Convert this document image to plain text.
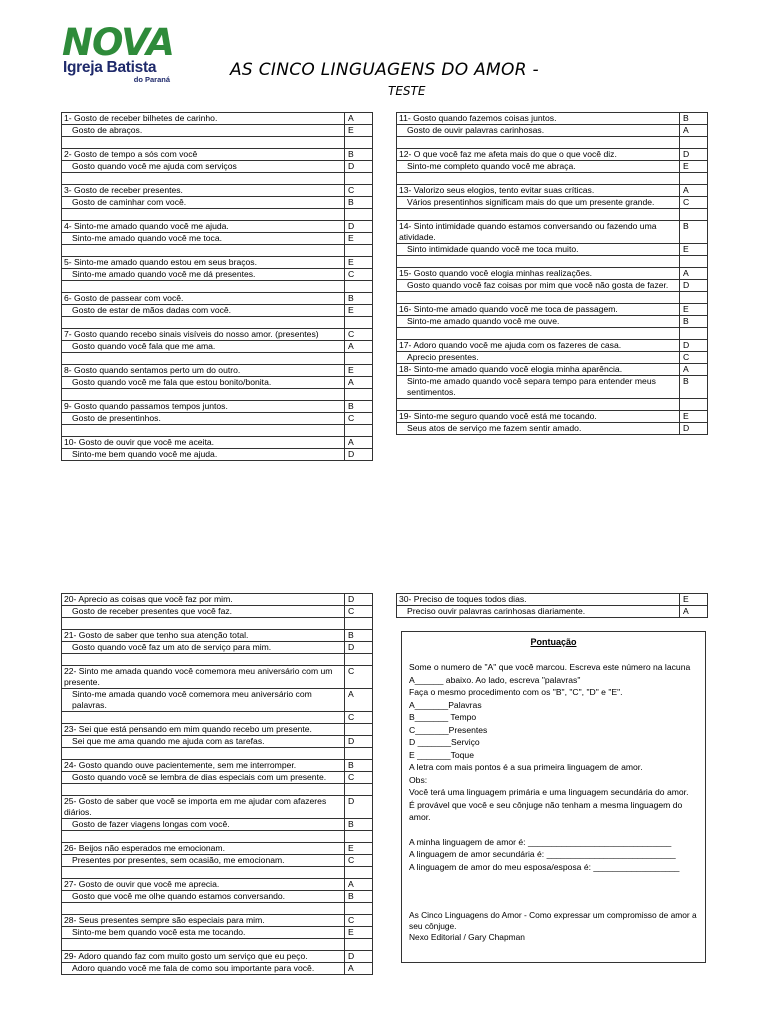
NOVA
Igreja Batista
do Paraná	AS CINCO LINGUAGENS DO AMOR -
TESTE
1- Gosto de receber bilhetes de carinho.	A
Gosto de abraços.	E

2- Gosto de tempo a sós com você	B
Gosto quando você me ajuda com serviços	D

3- Gosto de receber presentes.	C
Gosto de caminhar com você.	B

4- Sinto-me amado quando você me ajuda.	D
Sinto-me amado quando você me toca.	E

5- Sinto-me amado quando estou em seus braços.	E
Sinto-me amado quando você me dá presentes.	C

6- Gosto de passear com você.	B
Gosto de estar de mãos dadas com você.	E

7- Gosto quando recebo sinais visíveis do nosso amor. (presentes)	C
Gosto quando você fala que me ama.	A

8- Gosto quando sentamos perto um do outro.	E
Gosto quando você me fala que estou bonito/bonita.	A

9- Gosto quando passamos tempos juntos.	B
Gosto de presentinhos.	C

10- Gosto de ouvir que você me aceita.	A
Sinto-me bem quando você me ajuda.	D
11- Gosto quando fazemos coisas juntos.	B
Gosto de ouvir palavras carinhosas.	A

12- O que você faz me afeta mais do que o que você diz.	D
Sinto-me completo quando você me abraça.	E

13- Valorizo seus elogios, tento evitar suas críticas.	A
Vários presentinhos significam mais do que um presente grande.	C

14- Sinto intimidade quando estamos conversando ou fazendo uma atividade.	B
Sinto intimidade quando você me toca muito.	E

15- Gosto quando você elogia minhas realizações.	A
Gosto quando você faz coisas por mim que você não gosta de fazer.	D

16- Sinto-me amado quando você me toca de passagem.	E
Sinto-me amado quando você me ouve.	B

17- Adoro quando você me ajuda com os fazeres de casa.	D
Aprecio presentes.	C
18- Sinto-me amado quando você elogia minha aparência.	A
Sinto-me amado quando você separa tempo para entender meus sentimentos.	B

19- Sinto-me seguro quando você está me tocando.	E
Seus atos de serviço me fazem sentir amado.	D
20- Aprecio as coisas que você faz por mim.	D
Gosto de receber presentes que você faz.	C

21- Gosto de saber que tenho sua atenção total.	B
Gosto quando você faz um ato de serviço para mim.	D

22- Sinto me amada quando você comemora meu aniversário com um presente.	C
Sinto-me amada quando você comemora meu aniversário com palavras.	A
	C
23- Sei que está pensando em mim quando recebo um presente.	
Sei que me ama quando me ajuda com as tarefas.	D

24- Gosto quando ouve pacientemente, sem me interromper.	B
Gosto quando você se lembra de dias especiais com um presente.	C

25- Gosto de saber que você se importa em me ajudar com afazeres diários.	D
Gosto de fazer viagens longas com você.	B

26- Beijos não esperados me emocionam.	E
Presentes por presentes, sem ocasião, me emocionam.	C

27- Gosto de ouvir que você me aprecia.	A
Gosto que você me olhe quando estamos conversando.	B

28- Seus presentes sempre são especiais para mim.	C
Sinto-me bem quando você esta me tocando.	E

29- Adoro quando faz com muito gosto um serviço que eu peço.	D
Adoro quando você me fala de como sou importante para você.	A
30- Preciso de toques todos dias.	E
Preciso ouvir palavras carinhosas diariamente.	A
Pontuação
Some o numero de "A" que você marcou. Escreva este número na lacuna A______ abaixo. Ao lado, escreva "palavras"
Faça o mesmo procedimento com os "B", "C", "D" e "E".
A_______Palavras
B_______ Tempo
C_______Presentes
D _______Serviço
E _______Toque
A letra com mais pontos é a sua primeira linguagem de amor.
Obs:
Você terá uma linguagem primária e uma linguagem secundária do amor.
É provável que você e seu cônjuge não tenham a mesma linguagem do amor.
A minha linguagem de amor é: ______________________________
A linguagem de amor secundária é: ___________________________
A linguagem de amor do meu esposa/esposa é: __________________
As Cinco Linguagens do Amor - Como expressar um compromisso de amor a seu cônjuge.
Nexo Editorial / Gary Chapman
